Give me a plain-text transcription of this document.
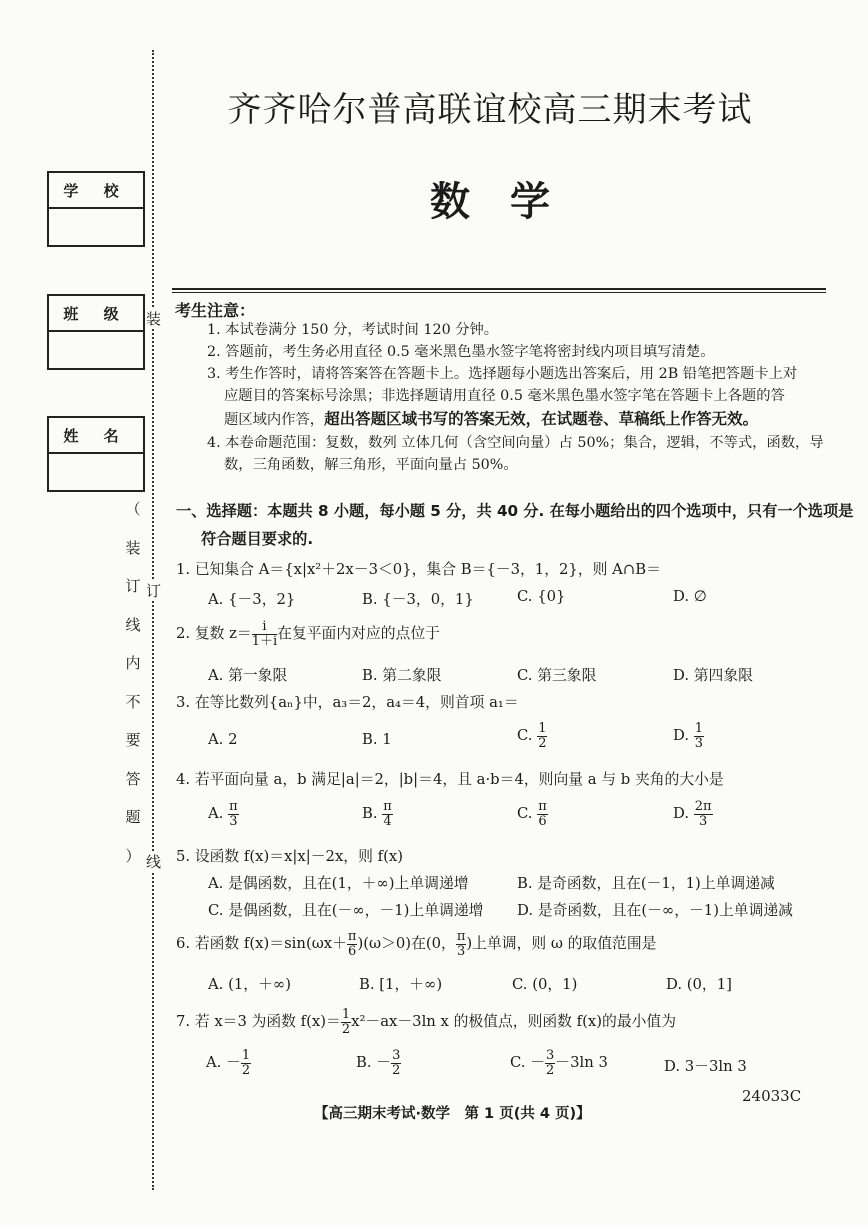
学 校
班 级
姓 名
装
订
线
（
装
订
线
内
不
要
答
题
）
齐齐哈尔普高联谊校高三期末考试
数　学
考生注意：
1. 本试卷满分 150 分，考试时间 120 分钟。
2. 答题前，考生务必用直径 0.5 毫米黑色墨水签字笔将密封线内项目填写清楚。
3. 考生作答时，请将答案答在答题卡上。选择题每小题选出答案后，用 2B 铅笔把答题卡上对
应题目的答案标号涂黑；非选择题请用直径 0.5 毫米黑色墨水签字笔在答题卡上各题的答
题区域内作答，超出答题区域书写的答案无效，在试题卷、草稿纸上作答无效。
4. 本卷命题范围：复数，数列 立体几何（含空间向量）占 50%；集合，逻辑，不等式，函数，导
数，三角函数，解三角形，平面向量占 50%。
一、选择题：本题共 8 小题，每小题 5 分，共 40 分. 在每小题给出的四个选项中，只有一个选项是
符合题目要求的.
1. 已知集合 A＝{x|x²＋2x－3＜0}，集合 B＝{－3，1，2}，则 A∩B＝
A. {－3，2}	B. {－3，0，1}	C. {0}	D. ∅
2. 复数 $z= \frac{i}{1+i}$ 在复平面内对应的点位于
A. 第一象限	B. 第二象限	C. 第三象限	D. 第四象限
3. 在等比数列{aₙ}中，a₃＝2，a₄＝4，则首项 a₁＝
A. 2	B. 1	C. $\frac{1}{2}$	D. $\frac{1}{3}$
4. 若平面向量 a，b 满足|a|＝2，|b|＝4，且 a·b＝4，则向量 a 与 b 夹角的大小是
A. $\frac{\pi}{3}$	B. $\frac{\pi}{4}$	C. $\frac{\pi}{6}$	D. $\frac{2\pi}{3}$
5. 设函数 f(x)＝x|x|－2x，则 f(x)
A. 是偶函数，且在(1，＋∞)上单调递增	B. 是奇函数，且在(－1，1)上单调递减
C. 是偶函数，且在(－∞，－1)上单调递增 D. 是奇函数，且在(－∞，－1)上单调递减
6. 若函数 $f(x)=\sin(\omega x+ \frac{\pi}{6} )(\omega>0)$在(0， $\frac{\pi}{3}$ )上单调，则 ω 的取值范围是
A. (1，＋∞)	B. [1，＋∞)	C. (0，1)	D. (0，1]
7. 若 x＝3 为函数 $f(x)= \frac{1}{2} x^2-ax-3\ln$ x 的极值点，则函数 f(x)的最小值为
A. － $\frac{1}{2}$	B. － $\frac{3}{2}$	C. － $\frac{3}{2} -3\ln$ 3	D. 3－3ln 3
24033C
【高三期末考试·数学　第 1 页(共 4 页)】
